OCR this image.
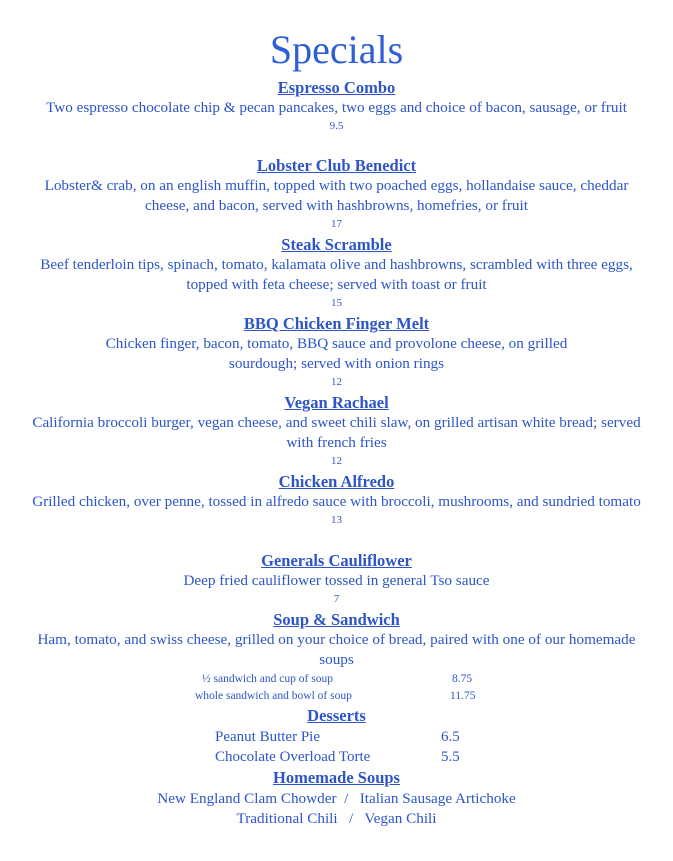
Specials
Espresso Combo
Two espresso chocolate chip & pecan pancakes, two eggs and choice of bacon, sausage, or fruit
9.5
Lobster Club Benedict
Lobster& crab, on an english muffin, topped with two poached eggs, hollandaise sauce, cheddar cheese, and bacon, served with hashbrowns, homefries, or fruit
17
Steak Scramble
Beef tenderloin tips, spinach, tomato, kalamata olive and hashbrowns, scrambled with three eggs, topped with feta cheese; served with toast or fruit
15
BBQ Chicken Finger Melt
Chicken finger, bacon, tomato, BBQ sauce and provolone cheese, on grilled sourdough; served with onion rings
12
Vegan Rachael
California broccoli burger, vegan cheese, and sweet chili slaw, on grilled artisan white bread; served with french fries
12
Chicken Alfredo
Grilled chicken, over penne, tossed in alfredo sauce with broccoli, mushrooms, and sundried tomato
13
Generals Cauliflower
Deep fried cauliflower tossed in general Tso sauce
7
Soup & Sandwich
Ham, tomato, and swiss cheese, grilled on your choice of bread, paired with one of our homemade soups
½ sandwich and cup of soup	8.75
whole sandwich and bowl of soup	11.75
Desserts
Peanut Butter Pie	6.5
Chocolate Overload Torte	5.5
Homemade Soups
New England Clam Chowder  /   Italian Sausage Artichoke
Traditional Chili   /   Vegan Chili
